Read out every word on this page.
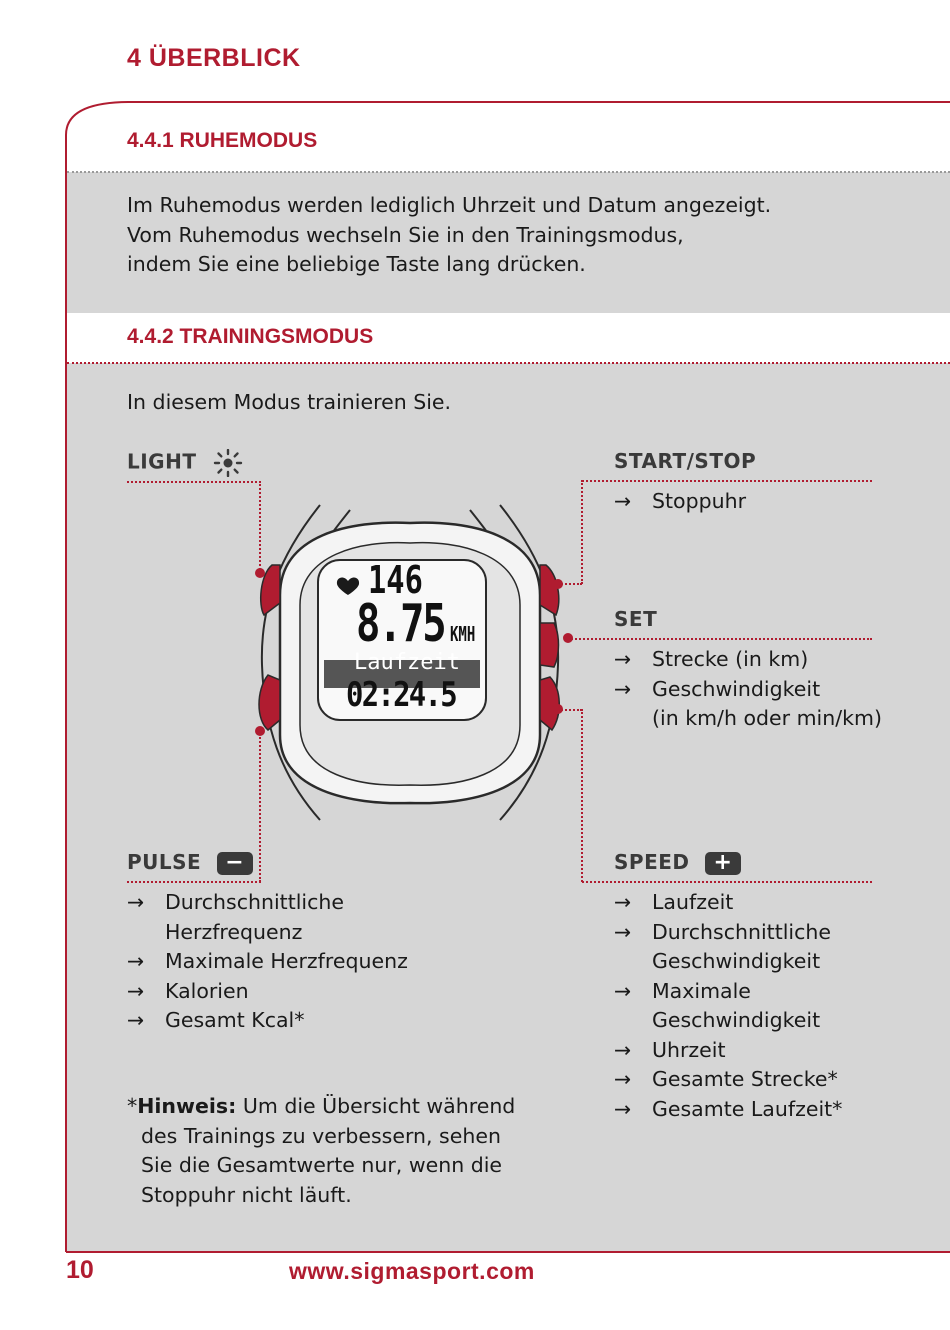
4 ÜBERBLICK
4.4.1 RUHEMODUS
Im Ruhemodus werden lediglich Uhrzeit und Datum angezeigt.
Vom Ruhemodus wechseln Sie in den Trainingsmodus,
indem Sie eine beliebige Taste lang drücken.
4.4.2 TRAININGSMODUS
In diesem Modus trainieren Sie.
LIGHT	START/STOP
→ Stoppuhr
SET
→ Strecke (in km)
→ Geschwindigkeit
(in km/h oder min/km)
PULSE −
→ Durchschnittliche
Herzfrequenz
→ Maximale Herzfrequenz
→ Kalorien
→ Gesamt Kcal*
SPEED +
→ Laufzeit
→ Durchschnittliche
Geschwindigkeit
→ Maximale
Geschwindigkeit
→ Uhrzeit
→ Gesamte Strecke*
→ Gesamte Laufzeit*
146
8.75 KMH
Laufzeit
02:24.5
*Hinweis: Um die Übersicht während
des Trainings zu verbessern, sehen
Sie die Gesamtwerte nur, wenn die
Stoppuhr nicht läuft.
10	www.sigmasport.com
